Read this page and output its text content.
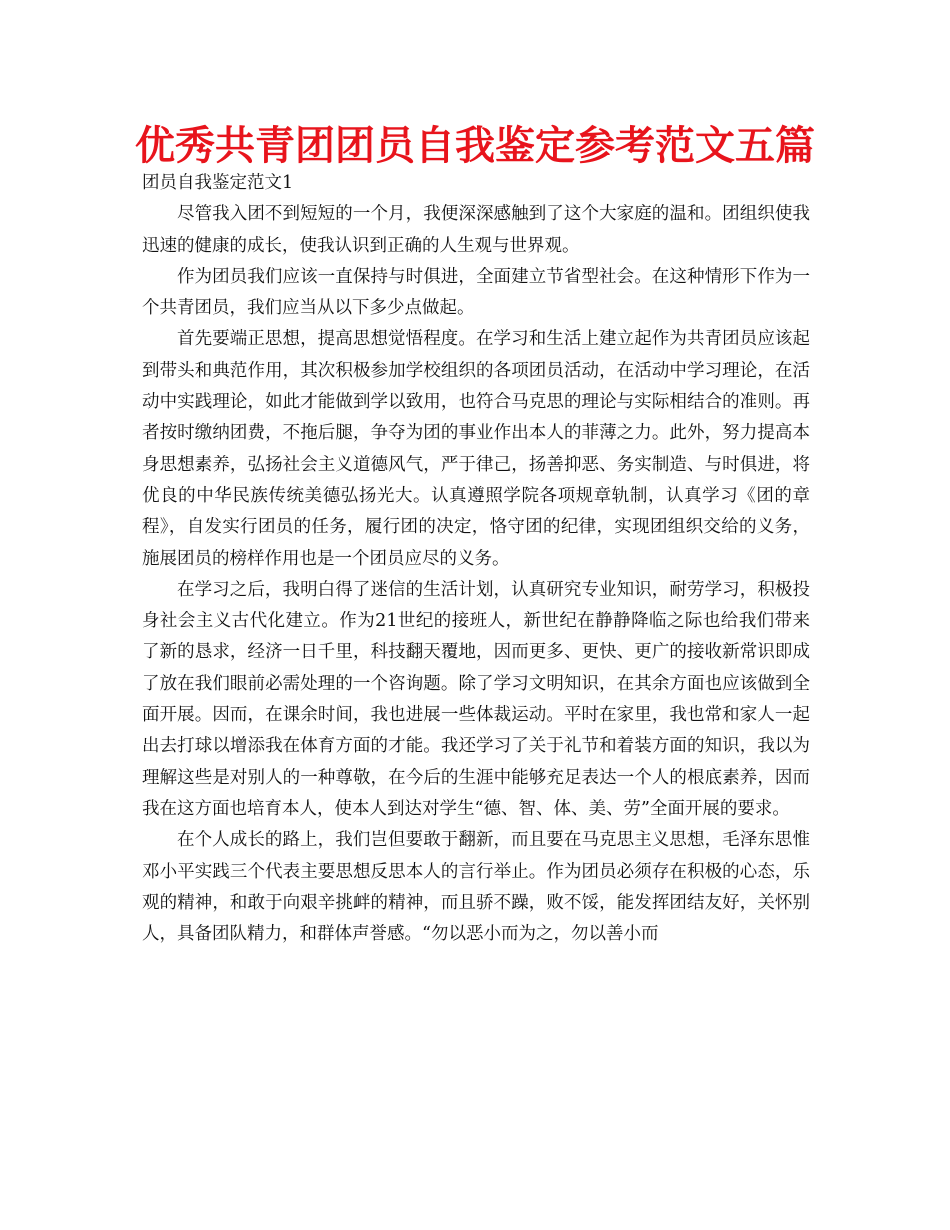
优秀共青团团员自我鉴定参考范文五篇

团员自我鉴定范文1

尽管我入团不到短短的一个月，我便深深感触到了这个大家庭的温和。团组织使我迅速的健康的成长，使我认识到正确的人生观与世界观。

作为团员我们应该一直保持与时俱进，全面建立节省型社会。在这种情形下作为一个共青团员，我们应当从以下多少点做起。

首先要端正思想，提高思想觉悟程度。在学习和生活上建立起作为共青团员应该起到带头和典范作用，其次积极参加学校组织的各项团员活动，在活动中学习理论，在活动中实践理论，如此才能做到学以致用，也符合马克思的理论与实际相结合的准则。再者按时缴纳团费，不拖后腿，争夺为团的事业作出本人的菲薄之力。此外，努力提高本身思想素养，弘扬社会主义道德风气，严于律己，扬善抑恶、务实制造、与时俱进，将优良的中华民族传统美德弘扬光大。认真遵照学院各项规章轨制，认真学习《团的章程》，自发实行团员的任务，履行团的决定，恪守团的纪律，实现团组织交给的义务，施展团员的榜样作用也是一个团员应尽的义务。

在学习之后，我明白得了迷信的生活计划，认真研究专业知识，耐劳学习，积极投身社会主义古代化建立。作为21世纪的接班人，新世纪在静静降临之际也给我们带来了新的恳求，经济一日千里，科技翻天覆地，因而更多、更快、更广的接收新常识即成了放在我们眼前必需处理的一个咨询题。除了学习文明知识，在其余方面也应该做到全面开展。因而，在课余时间，我也进展一些体裁运动。平时在家里，我也常和家人一起出去打球以增添我在体育方面的才能。我还学习了关于礼节和着装方面的知识，我以为理解这些是对别人的一种尊敬，在今后的生涯中能够充足表达一个人的根底素养，因而我在这方面也培育本人，使本人到达对学生“德、智、体、美、劳”全面开展的要求。

在个人成长的路上，我们岂但要敢于翻新，而且要在马克思主义思想，毛泽东思惟邓小平实践三个代表主要思想反思本人的言行举止。作为团员必须存在积极的心态，乐观的精神，和敢于向艰辛挑衅的精神，而且骄不躁，败不馁，能发挥团结友好，关怀别人，具备团队精力，和群体声誉感。“勿以恶小而为之，勿以善小而
